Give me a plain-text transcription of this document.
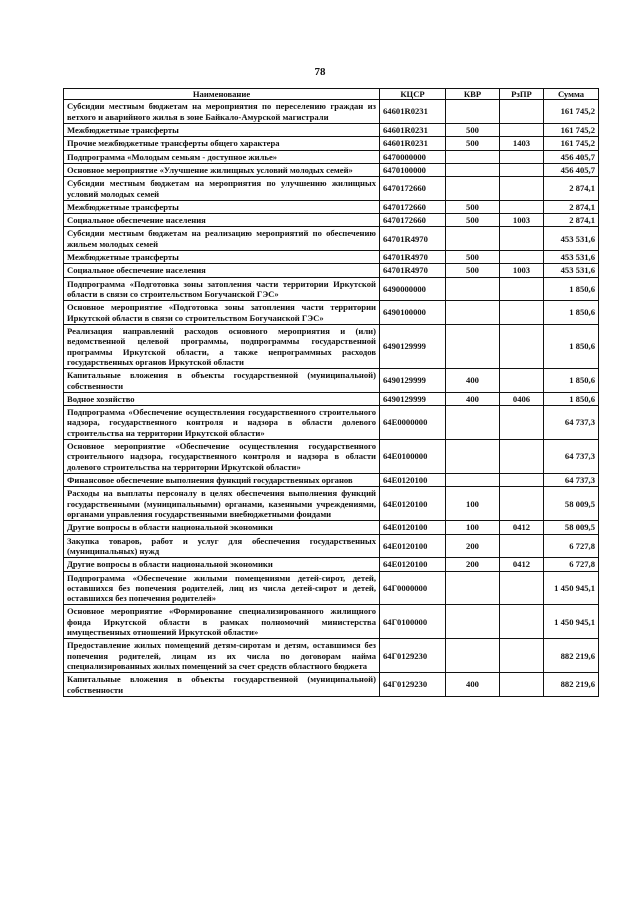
78
Наименование	КЦСР	КВР	РзПР	Сумма
Субсидии местным бюджетам на мероприятия по переселению граждан из ветхого и аварийного жилья в зоне Байкало-Амурской магистрали	64601R0231			161 745,2
Межбюджетные трансферты	64601R0231	500		161 745,2
Прочие межбюджетные трансферты общего характера	64601R0231	500	1403	161 745,2
Подпрограмма «Молодым семьям - доступное жилье»	6470000000			456 405,7
Основное мероприятие «Улучшение жилищных условий молодых семей»	6470100000			456 405,7
Субсидии местным бюджетам на мероприятия по улучшению жилищных условий молодых семей	6470172660			2 874,1
Межбюджетные трансферты	6470172660	500		2 874,1
Социальное обеспечение населения	6470172660	500	1003	2 874,1
Субсидии местным бюджетам на реализацию мероприятий по обеспечению жильем молодых семей	64701R4970			453 531,6
Межбюджетные трансферты	64701R4970	500		453 531,6
Социальное обеспечение населения	64701R4970	500	1003	453 531,6
Подпрограмма «Подготовка зоны затопления части территории Иркутской области в связи со строительством Богучанской ГЭС»	6490000000			1 850,6
Основное мероприятие «Подготовка зоны затопления части территории Иркутской области в связи со строительством Богучанской ГЭС»	6490100000			1 850,6
Реализация направлений расходов основного мероприятия и (или) ведомственной целевой программы, подпрограммы государственной программы Иркутской области, а также непрограммных расходов государственных органов Иркутской области	6490129999			1 850,6
Капитальные вложения в объекты государственной (муниципальной) собственности	6490129999	400		1 850,6
Водное хозяйство	6490129999	400	0406	1 850,6
Подпрограмма «Обеспечение осуществления государственного строительного надзора, государственного контроля и надзора в области долевого строительства на территории Иркутской области»	64Е0000000			64 737,3
Основное мероприятие «Обеспечение осуществления государственного строительного надзора, государственного контроля и надзора в области долевого строительства на территории Иркутской области»	64Е0100000			64 737,3
Финансовое обеспечение выполнения функций государственных органов	64Е0120100			64 737,3
Расходы на выплаты персоналу в целях обеспечения выполнения функций государственными (муниципальными) органами, казенными учреждениями, органами управления государственными внебюджетными фондами	64Е0120100	100		58 009,5
Другие вопросы в области национальной экономики	64Е0120100	100	0412	58 009,5
Закупка товаров, работ и услуг для обеспечения государственных (муниципальных) нужд	64Е0120100	200		6 727,8
Другие вопросы в области национальной экономики	64Е0120100	200	0412	6 727,8
Подпрограмма «Обеспечение жилыми помещениями детей-сирот, детей, оставшихся без попечения родителей, лиц из числа детей-сирот и детей, оставшихся без попечения родителей»	64Г0000000			1 450 945,1
Основное мероприятие «Формирование специализированного жилищного фонда Иркутской области в рамках полномочий министерства имущественных отношений Иркутской области»	64Г0100000			1 450 945,1
Предоставление жилых помещений детям-сиротам и детям, оставшимся без попечения родителей, лицам из их числа по договорам найма специализированных жилых помещений за счет средств областного бюджета	64Г0129230			882 219,6
Капитальные вложения в объекты государственной (муниципальной) собственности	64Г0129230	400		882 219,6
